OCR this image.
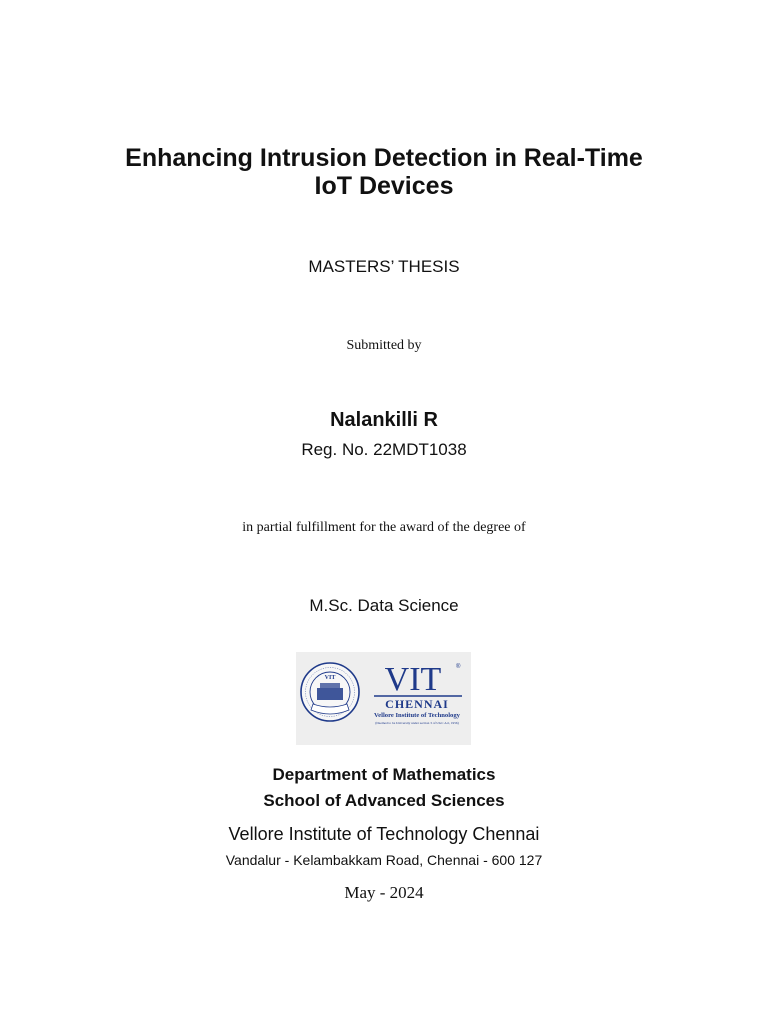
Enhancing Intrusion Detection in Real-Time
IoT Devices
MASTERS’ THESIS
Submitted by
Nalankilli R
Reg. No. 22MDT1038
in partial fulfillment for the award of the degree of
M.Sc. Data Science
VIT VIT ®
CHENNAI
Vellore Institute of Technology
(Deemed to be University under section 3 of UGC Act, 1956)
Department of Mathematics
School of Advanced Sciences
Vellore Institute of Technology Chennai
Vandalur - Kelambakkam Road, Chennai - 600 127
May - 2024
